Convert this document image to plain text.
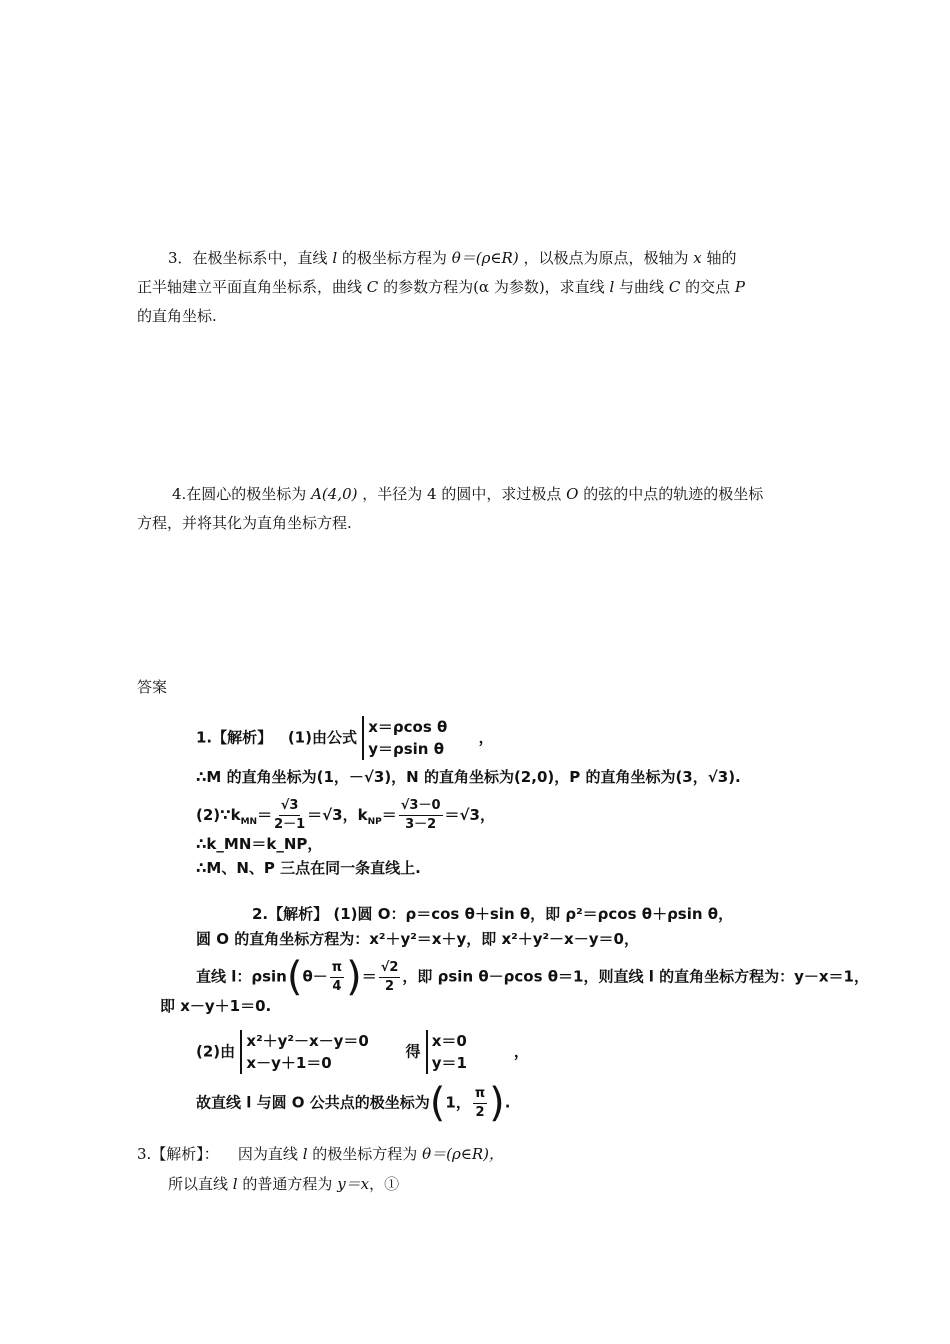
3．在极坐标系中，直线 l 的极坐标方程为 θ＝(ρ∈R) ，以极点为原点，极轴为 x 轴的
正半轴建立平面直角坐标系，曲线 C 的参数方程为(α 为参数)，求直线 l 与曲线 C 的交点 P
的直角坐标.
4.在圆心的极坐标为 A(4,0) ，半径为 4 的圆中，求过极点 O 的弦的中点的轨迹的极坐标
方程，并将其化为直角坐标方程.
答案
1.【解析】 (1)由公式
x＝ρcos θ
y＝ρsin θ
，
∴M 的直角坐标为(1，－√3)，N 的直角坐标为(2,0)，P 的直角坐标为(3，√3).
$(2)\because k_{MN}= \frac{√3}{2-1} =√3$，$k_{NP}= \frac{√3-0}{3-2} =√3$，
∴k_MN＝k_NP，
∴M、N、P 三点在同一条直线上.
2.【解析】 (1)圆 O：ρ＝cos θ＋sin θ，即 ρ²＝ρcos θ＋ρsin θ，
圆 O 的直角坐标方程为：x²＋y²＝x＋y，即 x²＋y²－x－y＝0，
直线 l：$\rho\sin(\theta- \frac{\pi}{4}$ )＝ $\frac{√2}{2}$ ，即 ρsin θ－ρcos θ＝1，则直线 l 的直角坐标方程为：y－x＝1，
即 x－y＋1＝0.
(2)由
x²＋y²－x－y＝0
x－y＋1＝0
得
x＝0
y＝1
，
故直线 l 与圆 O 公共点的极坐标为(1， $\frac{\pi}{2}$ ).
3.【解析】： 因为直线 l 的极坐标方程为 θ＝(ρ∈R)，
所以直线 l 的普通方程为 y＝x，①
